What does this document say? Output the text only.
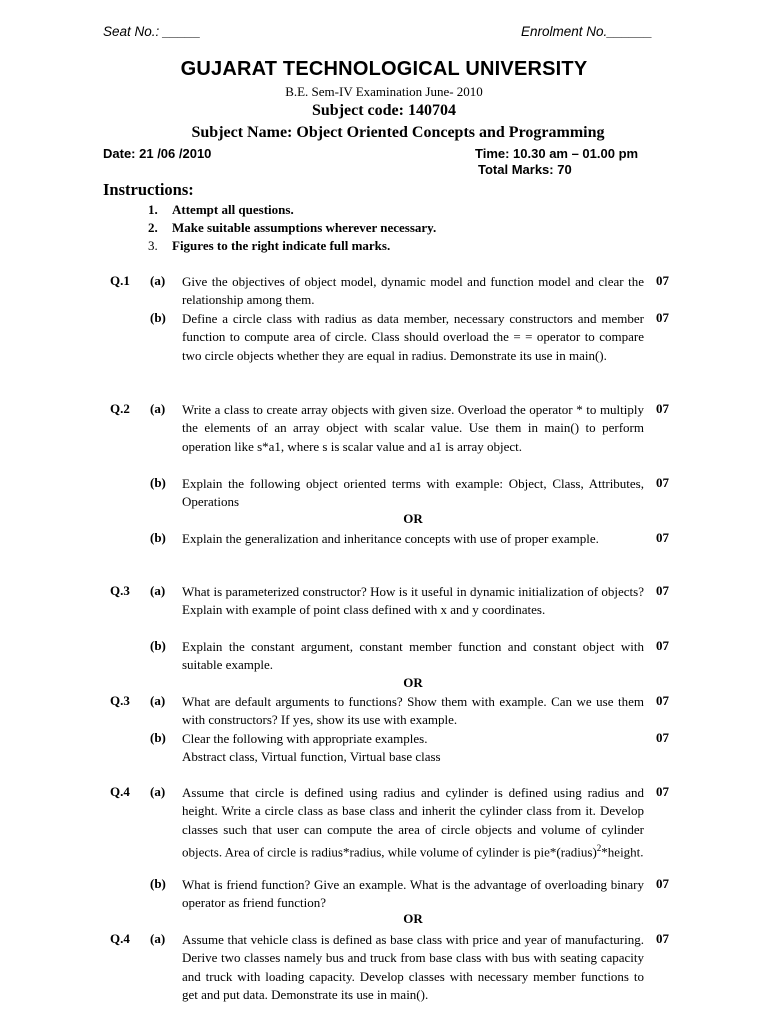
Seat No.: _____	Enrolment No.______
GUJARAT TECHNOLOGICAL UNIVERSITY
B.E. Sem-IV Examination June- 2010
Subject code: 140704
Subject Name: Object Oriented Concepts and Programming
Date: 21 /06 /2010	Time: 10.30 am – 01.00 pm
Total Marks: 70
Instructions:
1. Attempt all questions.
2. Make suitable assumptions wherever necessary.
3. Figures to the right indicate full marks.
Q.1 (a) Give the objectives of object model, dynamic model and function model and clear the relationship among them.
07
(b) Define a circle class with radius as data member, necessary constructors and member function to compute area of circle. Class should overload the = = operator to compare two circle objects whether they are equal in radius. Demonstrate its use in main().
07
Q.2 (a) Write a class to create array objects with given size. Overload the operator * to multiply the elements of an array object with scalar value. Use them in main() to perform operation like s*a1, where s is scalar value and a1 is array object.
07
(b) Explain the following object oriented terms with example: Object, Class, Attributes, Operations
07
OR
(b) Explain the generalization and inheritance concepts with use of proper example.	07
Q.3 (a) What is parameterized constructor? How is it useful in dynamic initialization of objects? Explain with example of point class defined with x and y coordinates.
07
(b) Explain the constant argument, constant member function and constant object with suitable example.
07
OR
Q.3 (a) What are default arguments to functions? Show them with example. Can we use them with constructors? If yes, show its use with example.
07
(b) Clear the following with appropriate examples.
Abstract class, Virtual function, Virtual base class
07
Q.4 (a) Assume that circle is defined using radius and cylinder is defined using radius and height. Write a circle class as base class and inherit the cylinder class from it. Develop classes such that user can compute the area of circle objects and volume of cylinder objects. Area of circle is radius*radius, while volume of cylinder is pie*(radius)$^2$*height.
07
(b) What is friend function? Give an example. What is the advantage of overloading binary operator as friend function?
07
OR
Q.4 (a) Assume that vehicle class is defined as base class with price and year of manufacturing. Derive two classes namely bus and truck from base class with bus with seating capacity and truck with loading capacity. Develop classes with necessary member functions to get and put data. Demonstrate its use in main().
07
